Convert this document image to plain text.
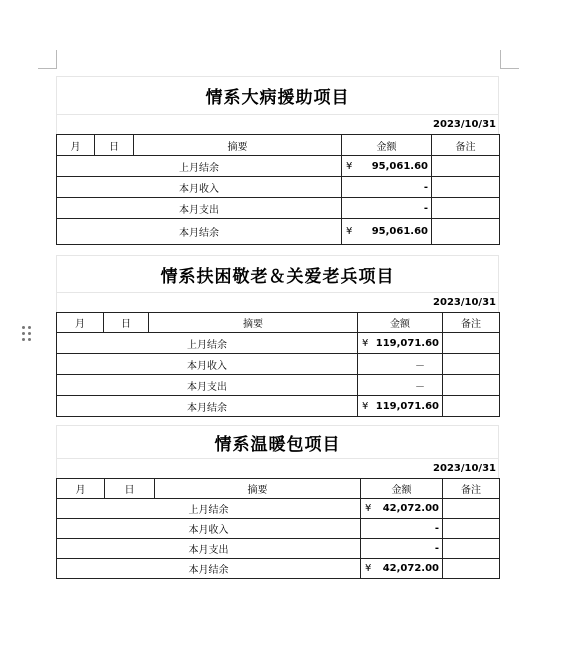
情系大病援助项目
2023/10/31
月	日	摘要	金额	备注
上月结余			¥ 95,061.60	

本月收入			-	

本月支出			-	

本月结余			¥ 95,061.60	

情系扶困敬老＆关爱老兵项目
2023/10/31
月	日	摘要	金额	备注
上月结余			¥ 119,071.60	

本月收入			－	

本月支出			－	

本月结余			¥ 119,071.60	

情系温暖包项目
2023/10/31
月	日	摘要	金额	备注
上月结余			¥ 42,072.00	

本月收入			-	

本月支出			-	

本月结余			¥ 42,072.00	
